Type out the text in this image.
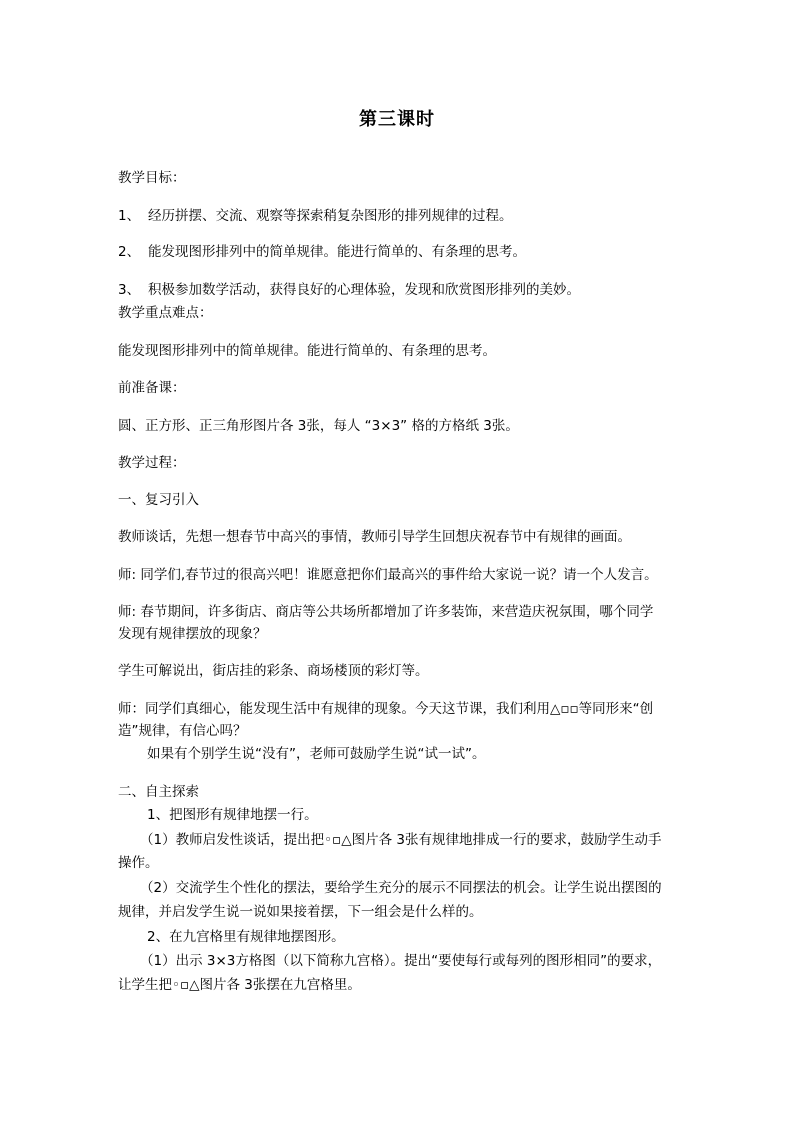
第三课时
教学目标：
1、 经历拼摆、交流、观察等探索稍复杂图形的排列规律的过程。
2、 能发现图形排列中的简单规律。能进行简单的、有条理的思考。
3、 积极参加数学活动，获得良好的心理体验，发现和欣赏图形排列的美妙。
教学重点难点：
能发现图形排列中的简单规律。能进行简单的、有条理的思考。
前准备课：
圆、正方形、正三角形图片各 3张，每人 “3×3” 格的方格纸 3张。
教学过程：
一、复习引入
教师谈话，先想一想春节中高兴的事情，教师引导学生回想庆祝春节中有规律的画面。
师: 同学们,春节过的很高兴吧！谁愿意把你们最高兴的事件给大家说一说？请一个人发言。
师: 春节期间，许多街店、商店等公共场所都增加了许多装饰，来营造庆祝氛围，哪个同学
发现有规律摆放的现象？
学生可解说出，街店挂的彩条、商场楼顶的彩灯等。
师：同学们真细心，能发现生活中有规律的现象。今天这节课，我们利用△▫▫等同形来“创
造”规律，有信心吗？
如果有个别学生说“没有”，老师可鼓励学生说“试一试”。
二、自主探索
1、把图形有规律地摆一行。
（1）教师启发性谈话，提出把◦▫△图片各 3张有规律地排成一行的要求，鼓励学生动手
操作。
（2）交流学生个性化的摆法，要给学生充分的展示不同摆法的机会。让学生说出摆图的
规律，并启发学生说一说如果接着摆，下一组会是什么样的。
2、在九宫格里有规律地摆图形。
（1）出示 3×3方格图（以下简称九宫格）。提出“要使每行或每列的图形相同”的要求，
让学生把◦▫△图片各 3张摆在九宫格里。
